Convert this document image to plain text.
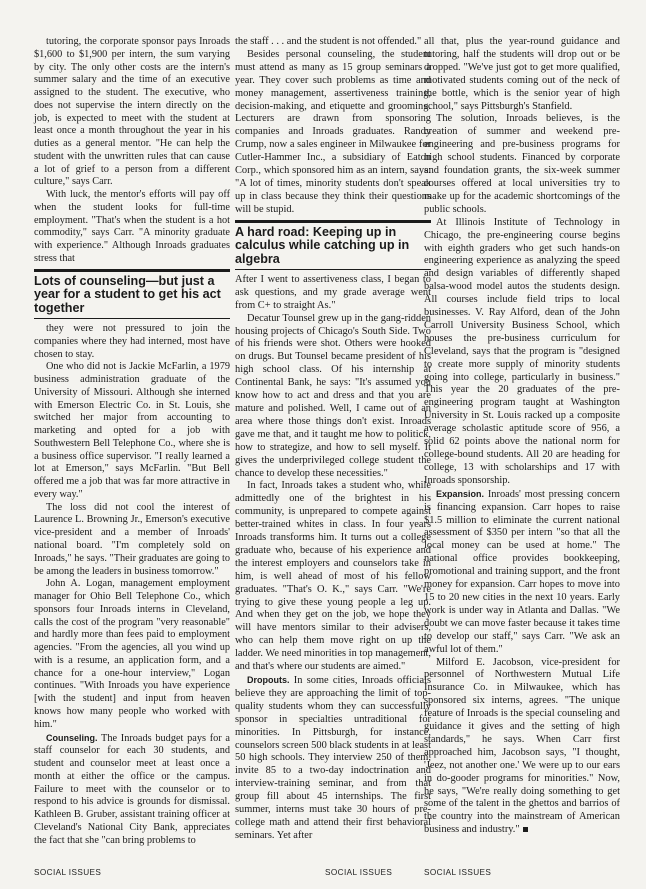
tutoring, the corporate sponsor pays Inroads $1,600 to $1,900 per intern, the sum varying by city. The only other costs are the intern's summer salary and the time of an executive assigned to the student. The executive, who does not supervise the intern directly on the job, is expected to meet with the student at least once a month throughout the year in his duties as a general mentor. "He can help the student with the unwritten rules that can cause a lot of grief to a person from a different culture," says Carr.

With luck, the mentor's efforts will pay off when the student looks for full-time employment. "That's when the student is a hot commodity," says Carr. "A minority graduate with experience." Although Inroads graduates stress that

Lots of counseling—but just a year for a student to get his act together

they were not pressured to join the companies where they had interned, most have chosen to stay.

One who did not is Jackie McFarlin, a 1979 business administration graduate of the University of Missouri. Although she interned with Emerson Electric Co. in St. Louis, she switched her major from accounting to marketing and opted for a job with Southwestern Bell Telephone Co., where she is a business office supervisor. "I really learned a lot at Emerson," says McFarlin. "But Bell offered me a job that was far more attractive in every way."

The loss did not cool the interest of Laurence L. Browning Jr., Emerson's executive vice-president and a member of Inroads' national board. "I'm completely sold on Inroads," he says. "Their graduates are going to be among the leaders in business tomorrow."

John A. Logan, management employment manager for Ohio Bell Telephone Co., which sponsors four Inroads interns in Cleveland, calls the cost of the program "very reasonable" and hardly more than fees paid to employment agencies. "From the agencies, all you wind up with is a resume, an application form, and a chance for a one-hour interview," Logan continues. "With Inroads you have experience [with the student] and input from heaven knows how many people who worked with him."

Counseling. The Inroads budget pays for a staff counselor for each 30 students, and student and counselor meet at least once a month at either the office or the campus. Failure to meet with the counselor or to respond to his advice is grounds for dismissal. Kathleen B. Gruber, assistant training officer at Cleveland's National City Bank, appreciates the fact that she "can bring problems to

the staff . . . and the student is not offended."

Besides personal counseling, the student must attend as many as 15 group seminars a year. They cover such problems as time and money management, assertiveness training, decision-making, and etiquette and grooming. Lecturers are drawn from sponsoring companies and Inroads graduates. Randy Crump, now a sales engineer in Milwaukee for Cutler-Hammer Inc., a subsidiary of Eaton Corp., which sponsored him as an intern, says: "A lot of times, minority students don't speak up in class because they think their questions will be stupid.

A hard road: Keeping up in calculus while catching up in algebra

After I went to assertiveness class, I began to ask questions, and my grade average went from C+ to straight As."

Decatur Tounsel grew up in the gang-ridden housing projects of Chicago's South Side. Two of his friends were shot. Others were hooked on drugs. But Tounsel became president of his high school class. Of his internship at Continental Bank, he says: "It's assumed you know how to act and dress and that you are mature and polished. Well, I came out of an area where those things don't exist. Inroads gave me that, and it taught me how to politick, how to strategize, and how to sell myself. It gives the underprivileged college student the chance to develop these necessities."

In fact, Inroads takes a student who, while admittedly one of the brightest in his community, is unprepared to compete against better-trained whites in class. In four years Inroads transforms him. It turns out a college graduate who, because of his experience and the interest employers and counselors take in him, is well ahead of most of his fellow graduates. "That's O. K.," says Carr. "We're trying to give these young people a leg up. And when they get on the job, we hope they will have mentors similar to their advisers, who can help them move right on up the ladder. We need minorities in top management, and that's where our students are aimed."

Dropouts. In some cities, Inroads officials believe they are approaching the limit of top-quality students whom they can successfully sponsor in specialties untraditional for minorities. In Pittsburgh, for instance, counselors screen 500 black students in at least 50 high schools. They interview 250 of them, invite 85 to a two-day indoctrination and interview-training seminar, and from that group fill about 45 internships. The first summer, interns must take 30 hours of pre-college math and attend their first behavioral seminars. Yet after

all that, plus the year-round guidance and tutoring, half the students will drop out or be dropped. "We've just got to get more qualified, motivated students coming out of the neck of the bottle, which is the senior year of high school," says Pittsburgh's Stanfield.

The solution, Inroads believes, is the creation of summer and weekend pre-engineering and pre-business programs for high school students. Financed by corporate and foundation grants, the six-week summer courses offered at local universities try to make up for the academic shortcomings of the public schools.

At Illinois Institute of Technology in Chicago, the pre-engineering course begins with eighth graders who get such hands-on engineering experience as analyzing the speed and design variables of differently shaped balsa-wood model autos the students design. All courses include field trips to local businesses. V. Ray Alford, dean of the John Carroll University Business School, which houses the pre-business curriculum for Cleveland, says that the program is "designed to create more supply of minority students going into college, particularly in business." This year the 20 graduates of the pre-engineering program taught at Washington University in St. Louis racked up a composite average scholastic aptitude score of 956, a solid 62 points above the national norm for college-bound students. All 20 are heading for college, 13 with scholarships and 17 with Inroads sponsorship.

Expansion. Inroads' most pressing concern is financing expansion. Carr hopes to raise $1.5 million to eliminate the current national assessment of $350 per intern "so that all the local money can be used at home." The national office provides bookkeeping, promotional and training support, and the front money for expansion. Carr hopes to move into 15 to 20 new cities in the next 10 years. Early work is under way in Atlanta and Dallas. "We doubt we can move faster because it takes time to develop our staff," says Carr. "We ask an awful lot of them."

Milford E. Jacobson, vice-president for personnel of Northwestern Mutual Life Insurance Co. in Milwaukee, which has sponsored six interns, agrees. "The unique feature of Inroads is the special counseling and guidance it gives and the setting of high standards," he says. When Carr first approached him, Jacobson says, "I thought, 'Jeez, not another one.' We were up to our ears in do-gooder programs for minorities." Now, he says, "We're really doing something to get some of the talent in the ghettos and barrios of the country into the mainstream of American business and industry."

SOCIAL ISSUES	SOCIAL ISSUES	SOCIAL ISSUES
